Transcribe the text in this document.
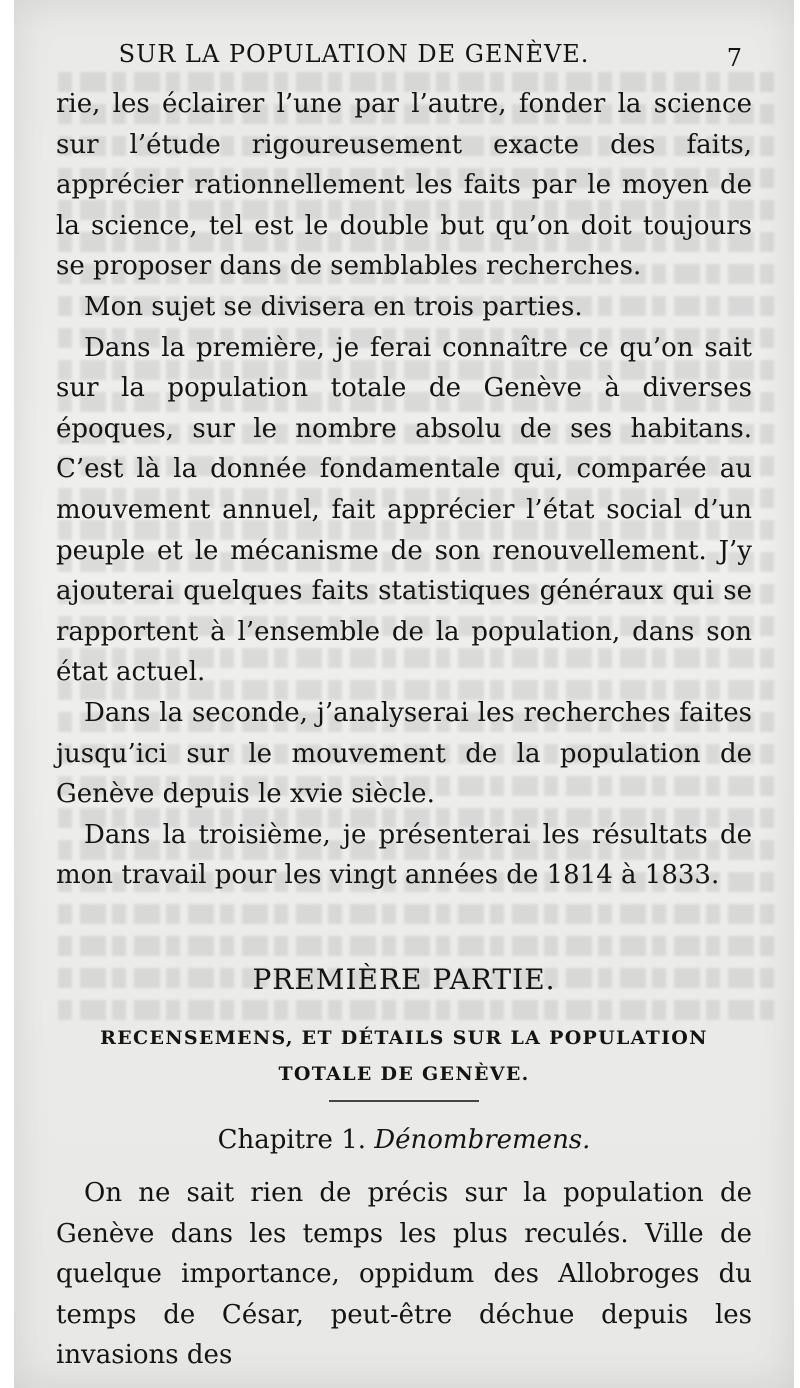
SUR LA POPULATION DE GENÈVE.	7

rie, les éclairer l’une par l’autre, fonder la science sur l’étude rigoureusement exacte des faits, apprécier rationnellement les faits par le moyen de la science, tel est le double but qu’on doit toujours se proposer dans de semblables recherches.

Mon sujet se divisera en trois parties.

Dans la première, je ferai connaître ce qu’on sait sur la population totale de Genève à diverses époques, sur le nombre absolu de ses habitans. C’est là la donnée fondamentale qui, comparée au mouvement annuel, fait apprécier l’état social d’un peuple et le mécanisme de son renouvellement. J’y ajouterai quelques faits statistiques généraux qui se rapportent à l’ensemble de la population, dans son état actuel.

Dans la seconde, j’analyserai les recherches faites jusqu’ici sur le mouvement de la population de Genève depuis le xvie siècle.

Dans la troisième, je présenterai les résultats de mon travail pour les vingt années de 1814 à 1833.

PREMIÈRE PARTIE.

RECENSEMENS, ET DÉTAILS SUR LA POPULATION
TOTALE DE GENÈVE.

Chapitre 1. Dénombremens.

On ne sait rien de précis sur la population de Genève dans les temps les plus reculés. Ville de quelque importance, oppidum des Allobroges du temps de César, peut-être déchue depuis les invasions des
